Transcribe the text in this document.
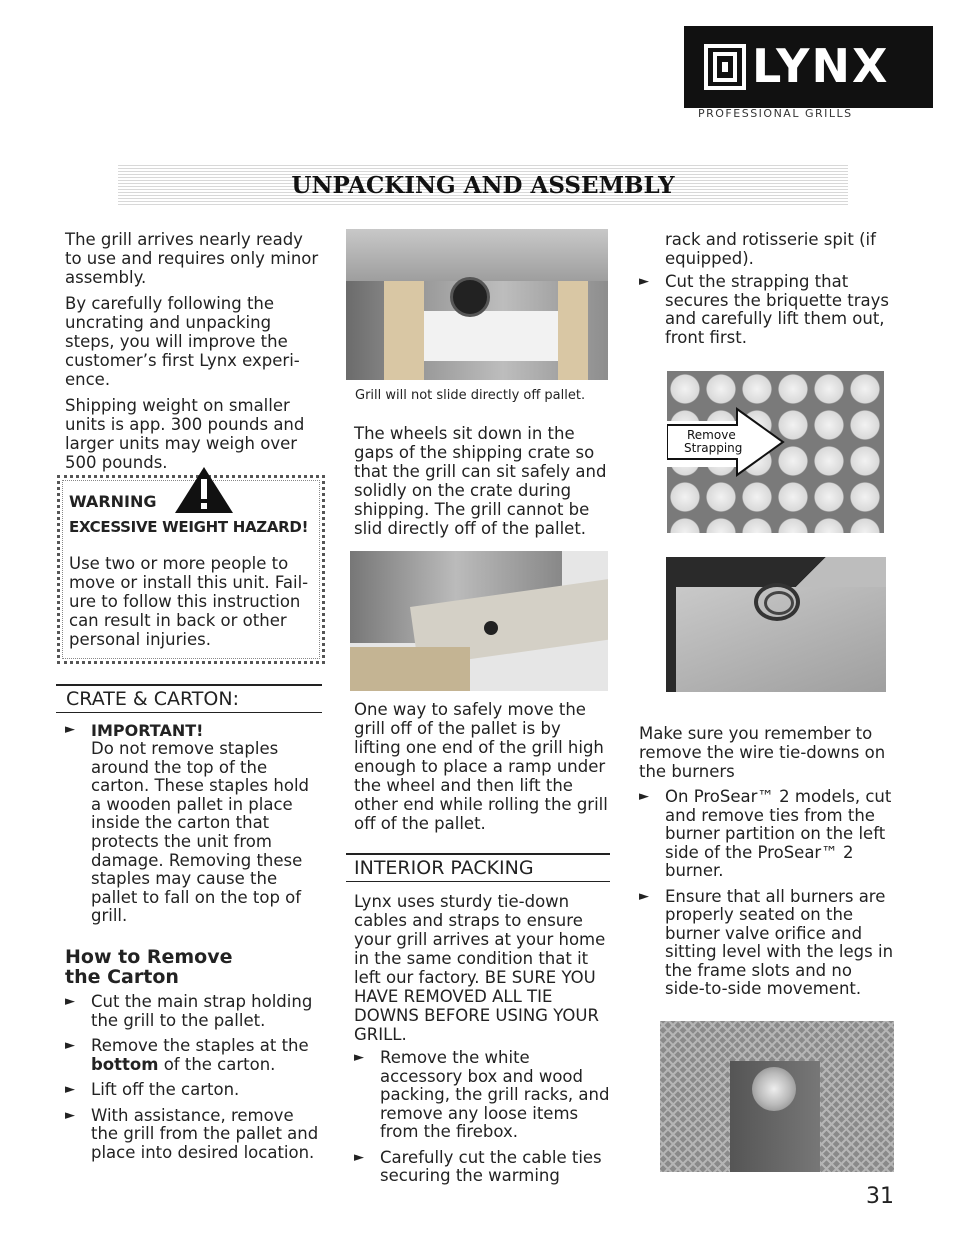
LYNX
PROFESSIONAL GRILLS
UNPACKING AND ASSEMBLY

The grill arrives nearly ready to use and requires only minor assembly.

By carefully following the uncrating and unpacking steps, you will improve the customer’s first Lynx experi-ence.

Shipping weight on smaller units is app. 300 pounds and larger units may weigh over 500 pounds.

WARNING
EXCESSIVE WEIGHT HAZARD!
Use two or more people to move or install this unit. Fail-ure to follow this instruction can result in back or other personal injuries.
CRATE & CARTON:
► IMPORTANT!
Do not remove staples around the top of the carton. These staples hold a wooden pallet in place inside the carton that protects the unit from damage. Removing these staples may cause the pallet to fall on the top of grill.
How to Remove
the Carton
► Cut the main strap holding the grill to the pallet.
► Remove the staples at the bottom of the carton.
► Lift off the carton.
► With assistance, remove the grill from the pallet and place into desired location.
Grill will not slide directly off pallet.
The wheels sit down in the gaps of the shipping crate so that the grill can sit safely and solidly on the crate during shipping. The grill cannot be slid directly off of the pallet.
One way to safely move the grill off of the pallet is by lifting one end of the grill high enough to place a ramp under the wheel and then lift the other end while rolling the grill off of the pallet.
INTERIOR PACKING
Lynx uses sturdy tie-down cables and straps to ensure your grill arrives at your home in the same condition that it left our factory. BE SURE YOU HAVE REMOVED ALL TIE DOWNS BEFORE USING YOUR GRILL.
► Remove the white accessory box and wood packing, the grill racks, and remove any loose items from the firebox.
► Carefully cut the cable ties securing the warming
rack and rotisserie spit (if equipped).
► Cut the strapping that secures the briquette trays and carefully lift them out, front first.
Remove
Strapping
Make sure you remember to remove the wire tie-downs on the burners
► On ProSear™ 2 models, cut and remove ties from the burner partition on the left side of the ProSear™ 2 burner.
► Ensure that all burners are properly seated on the burner valve orifice and sitting level with the legs in the frame slots and no side-to-side movement.
31
